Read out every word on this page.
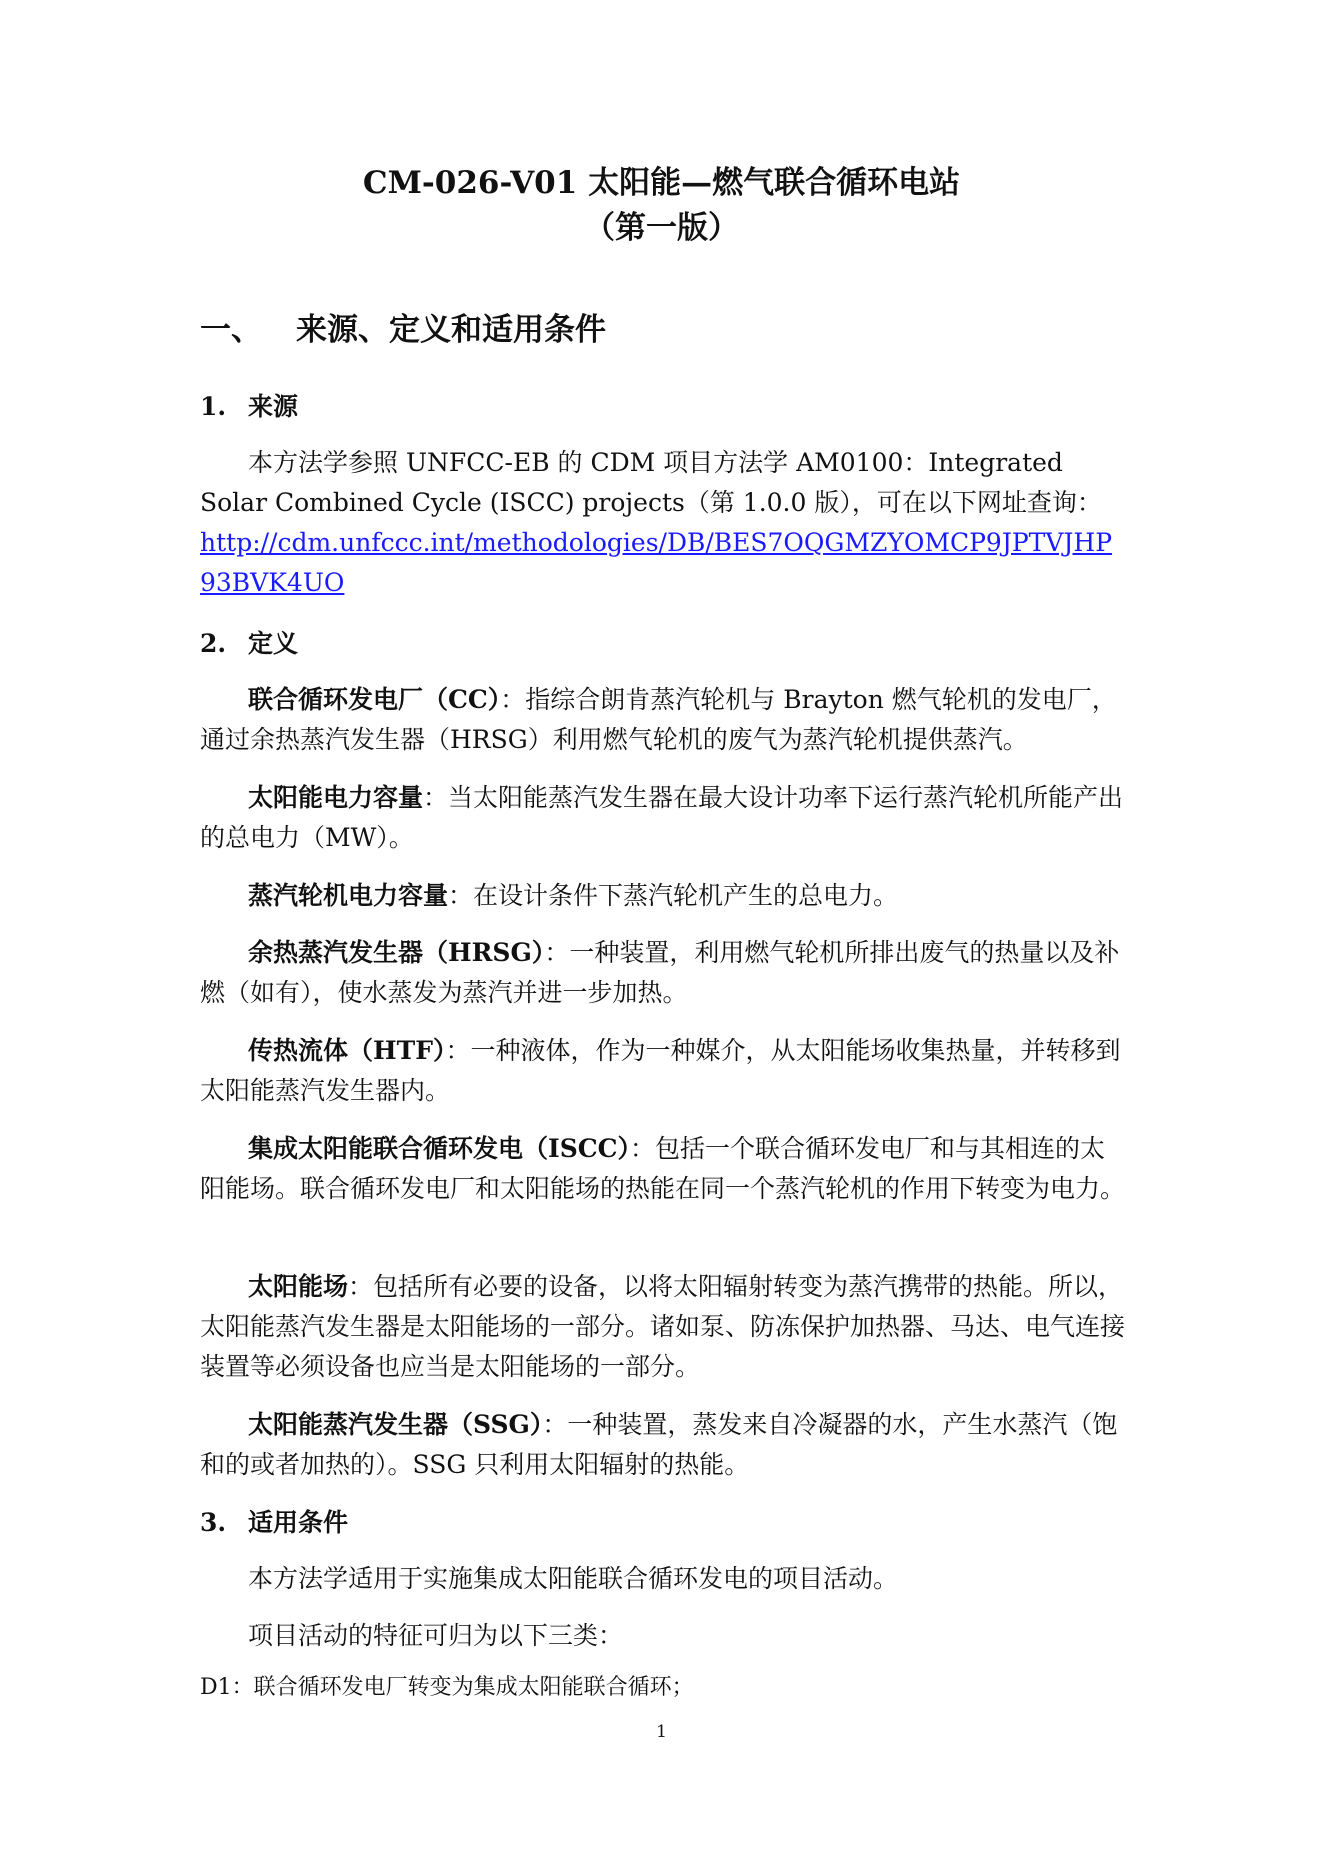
CM-026-V01 太阳能—燃气联合循环电站
（第一版）
一、 来源、定义和适用条件
1. 来源
本方法学参照 UNFCC-EB 的 CDM 项目方法学 AM0100：Integrated Solar Combined Cycle (ISCC) projects（第 1.0.0 版），可在以下网址查询： http://cdm.unfccc.int/methodologies/DB/BES7OQGMZYOMCP9JPTVJHP93BVK4UO
2. 定义
联合循环发电厂（CC）：指综合朗肯蒸汽轮机与 Brayton 燃气轮机的发电厂，通过余热蒸汽发生器（HRSG）利用燃气轮机的废气为蒸汽轮机提供蒸汽。
太阳能电力容量：当太阳能蒸汽发生器在最大设计功率下运行蒸汽轮机所能产出的总电力（MW）。
蒸汽轮机电力容量：在设计条件下蒸汽轮机产生的总电力。
余热蒸汽发生器（HRSG）：一种装置，利用燃气轮机所排出废气的热量以及补燃（如有），使水蒸发为蒸汽并进一步加热。
传热流体（HTF）：一种液体，作为一种媒介，从太阳能场收集热量，并转移到太阳能蒸汽发生器内。
集成太阳能联合循环发电（ISCC）：包括一个联合循环发电厂和与其相连的太阳能场。联合循环发电厂和太阳能场的热能在同一个蒸汽轮机的作用下转变为电力。
太阳能场：包括所有必要的设备，以将太阳辐射转变为蒸汽携带的热能。所以，太阳能蒸汽发生器是太阳能场的一部分。诸如泵、防冻保护加热器、马达、电气连接装置等必须设备也应当是太阳能场的一部分。
太阳能蒸汽发生器（SSG）：一种装置，蒸发来自冷凝器的水，产生水蒸汽（饱和的或者加热的）。SSG 只利用太阳辐射的热能。
3. 适用条件
本方法学适用于实施集成太阳能联合循环发电的项目活动。
项目活动的特征可归为以下三类：
D1：联合循环发电厂转变为集成太阳能联合循环；
1
